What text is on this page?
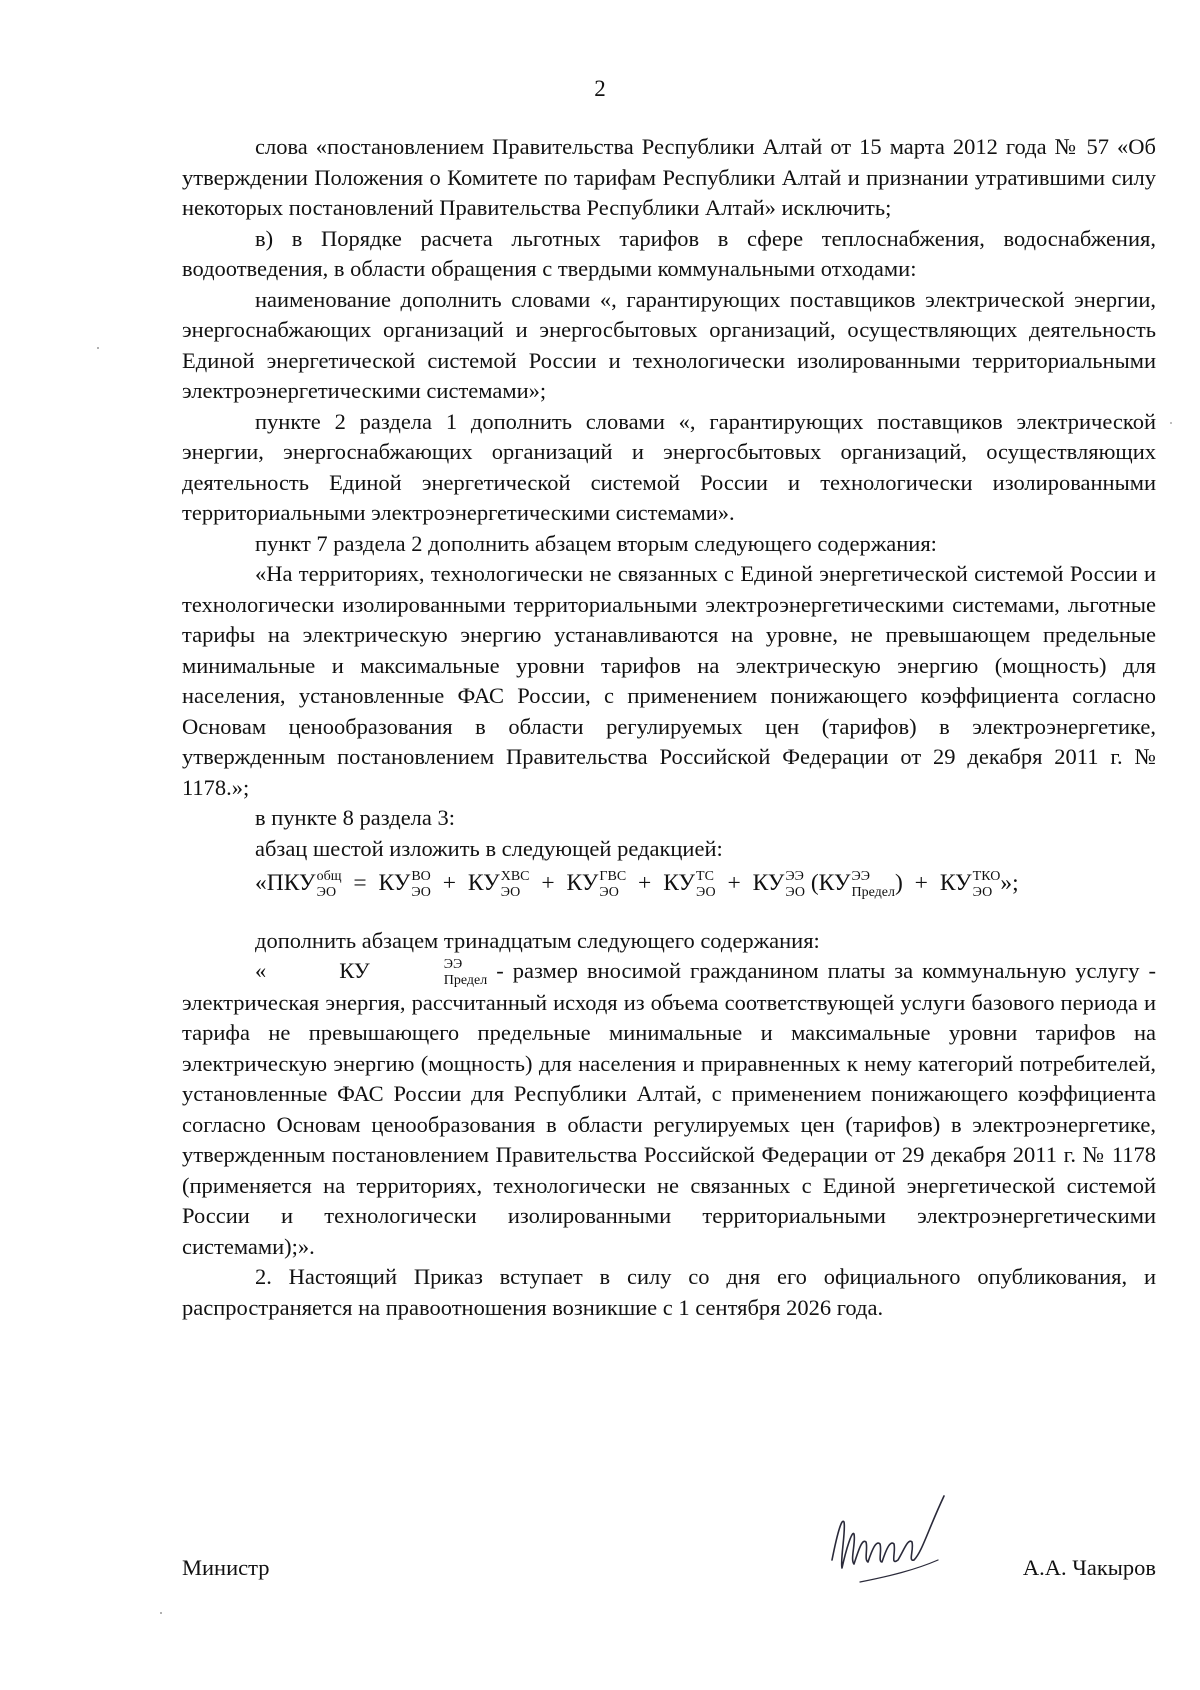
2

слова «постановлением Правительства Республики Алтай от 15 марта 2012 года № 57 «Об утверждении Положения о Комитете по тарифам Республики Алтай и признании утратившими силу некоторых постановлений Правительства Республики Алтай» исключить;

в) в Порядке расчета льготных тарифов в сфере теплоснабжения, водоснабжения, водоотведения, в области обращения с твердыми коммунальными отходами:

наименование дополнить словами «, гарантирующих поставщиков электрической энергии, энергоснабжающих организаций и энергосбытовых организаций, осуществляющих деятельность Единой энергетической системой России и технологически изолированными территориальными электроэнергетическими системами»;

пункте 2 раздела 1 дополнить словами «, гарантирующих поставщиков электрической энергии, энергоснабжающих организаций и энергосбытовых организаций, осуществляющих деятельность Единой энергетической системой России и технологически изолированными территориальными электроэнергетическими системами».

пункт 7 раздела 2 дополнить абзацем вторым следующего содержания:

«На территориях, технологически не связанных с Единой энергетической системой России и технологически изолированными территориальными электроэнергетическими системами, льготные тарифы на электрическую энергию устанавливаются на уровне, не превышающем предельные минимальные и максимальные уровни тарифов на электрическую энергию (мощность) для населения, установленные ФАС России, с применением понижающего коэффициента согласно Основам ценообразования в области регулируемых цен (тарифов) в электроэнергетике, утвержденным постановлением Правительства Российской Федерации от 29 декабря 2011 г. № 1178.»;

в пункте 8 раздела 3:

абзац шестой изложить в следующей редакцией:

«ПКУ общ
ЭО = КУ ВО
ЭО + КУ ХВС
ЭО + КУ ГВС
ЭО + КУ ТС
ЭО + КУ ЭЭ
ЭО (КУ ЭЭ
Предел ) + КУ ТКО
ЭО »;

дополнить абзацем тринадцатым следующего содержания:

«	КУ	ЭЭ
Предел - размер вносимой гражданином платы за коммунальную услугу - электрическая энергия, рассчитанный исходя из объема соответствующей услуги базового периода и тарифа не превышающего предельные минимальные и максимальные уровни тарифов на электрическую энергию (мощность) для населения и приравненных к нему категорий потребителей, установленные ФАС России для Республики Алтай, с применением понижающего коэффициента согласно Основам ценообразования в области регулируемых цен (тарифов) в электроэнергетике, утвержденным постановлением Правительства Российской Федерации от 29 декабря 2011 г. № 1178 (применяется на территориях, технологически не связанных с Единой энергетической системой России и технологически изолированными территориальными электроэнергетическими системами);».

2. Настоящий Приказ вступает в силу со дня его официального опубликования, и распространяется на правоотношения возникшие с 1 сентября 2026 года.

Министр	А.А. Чакыров
